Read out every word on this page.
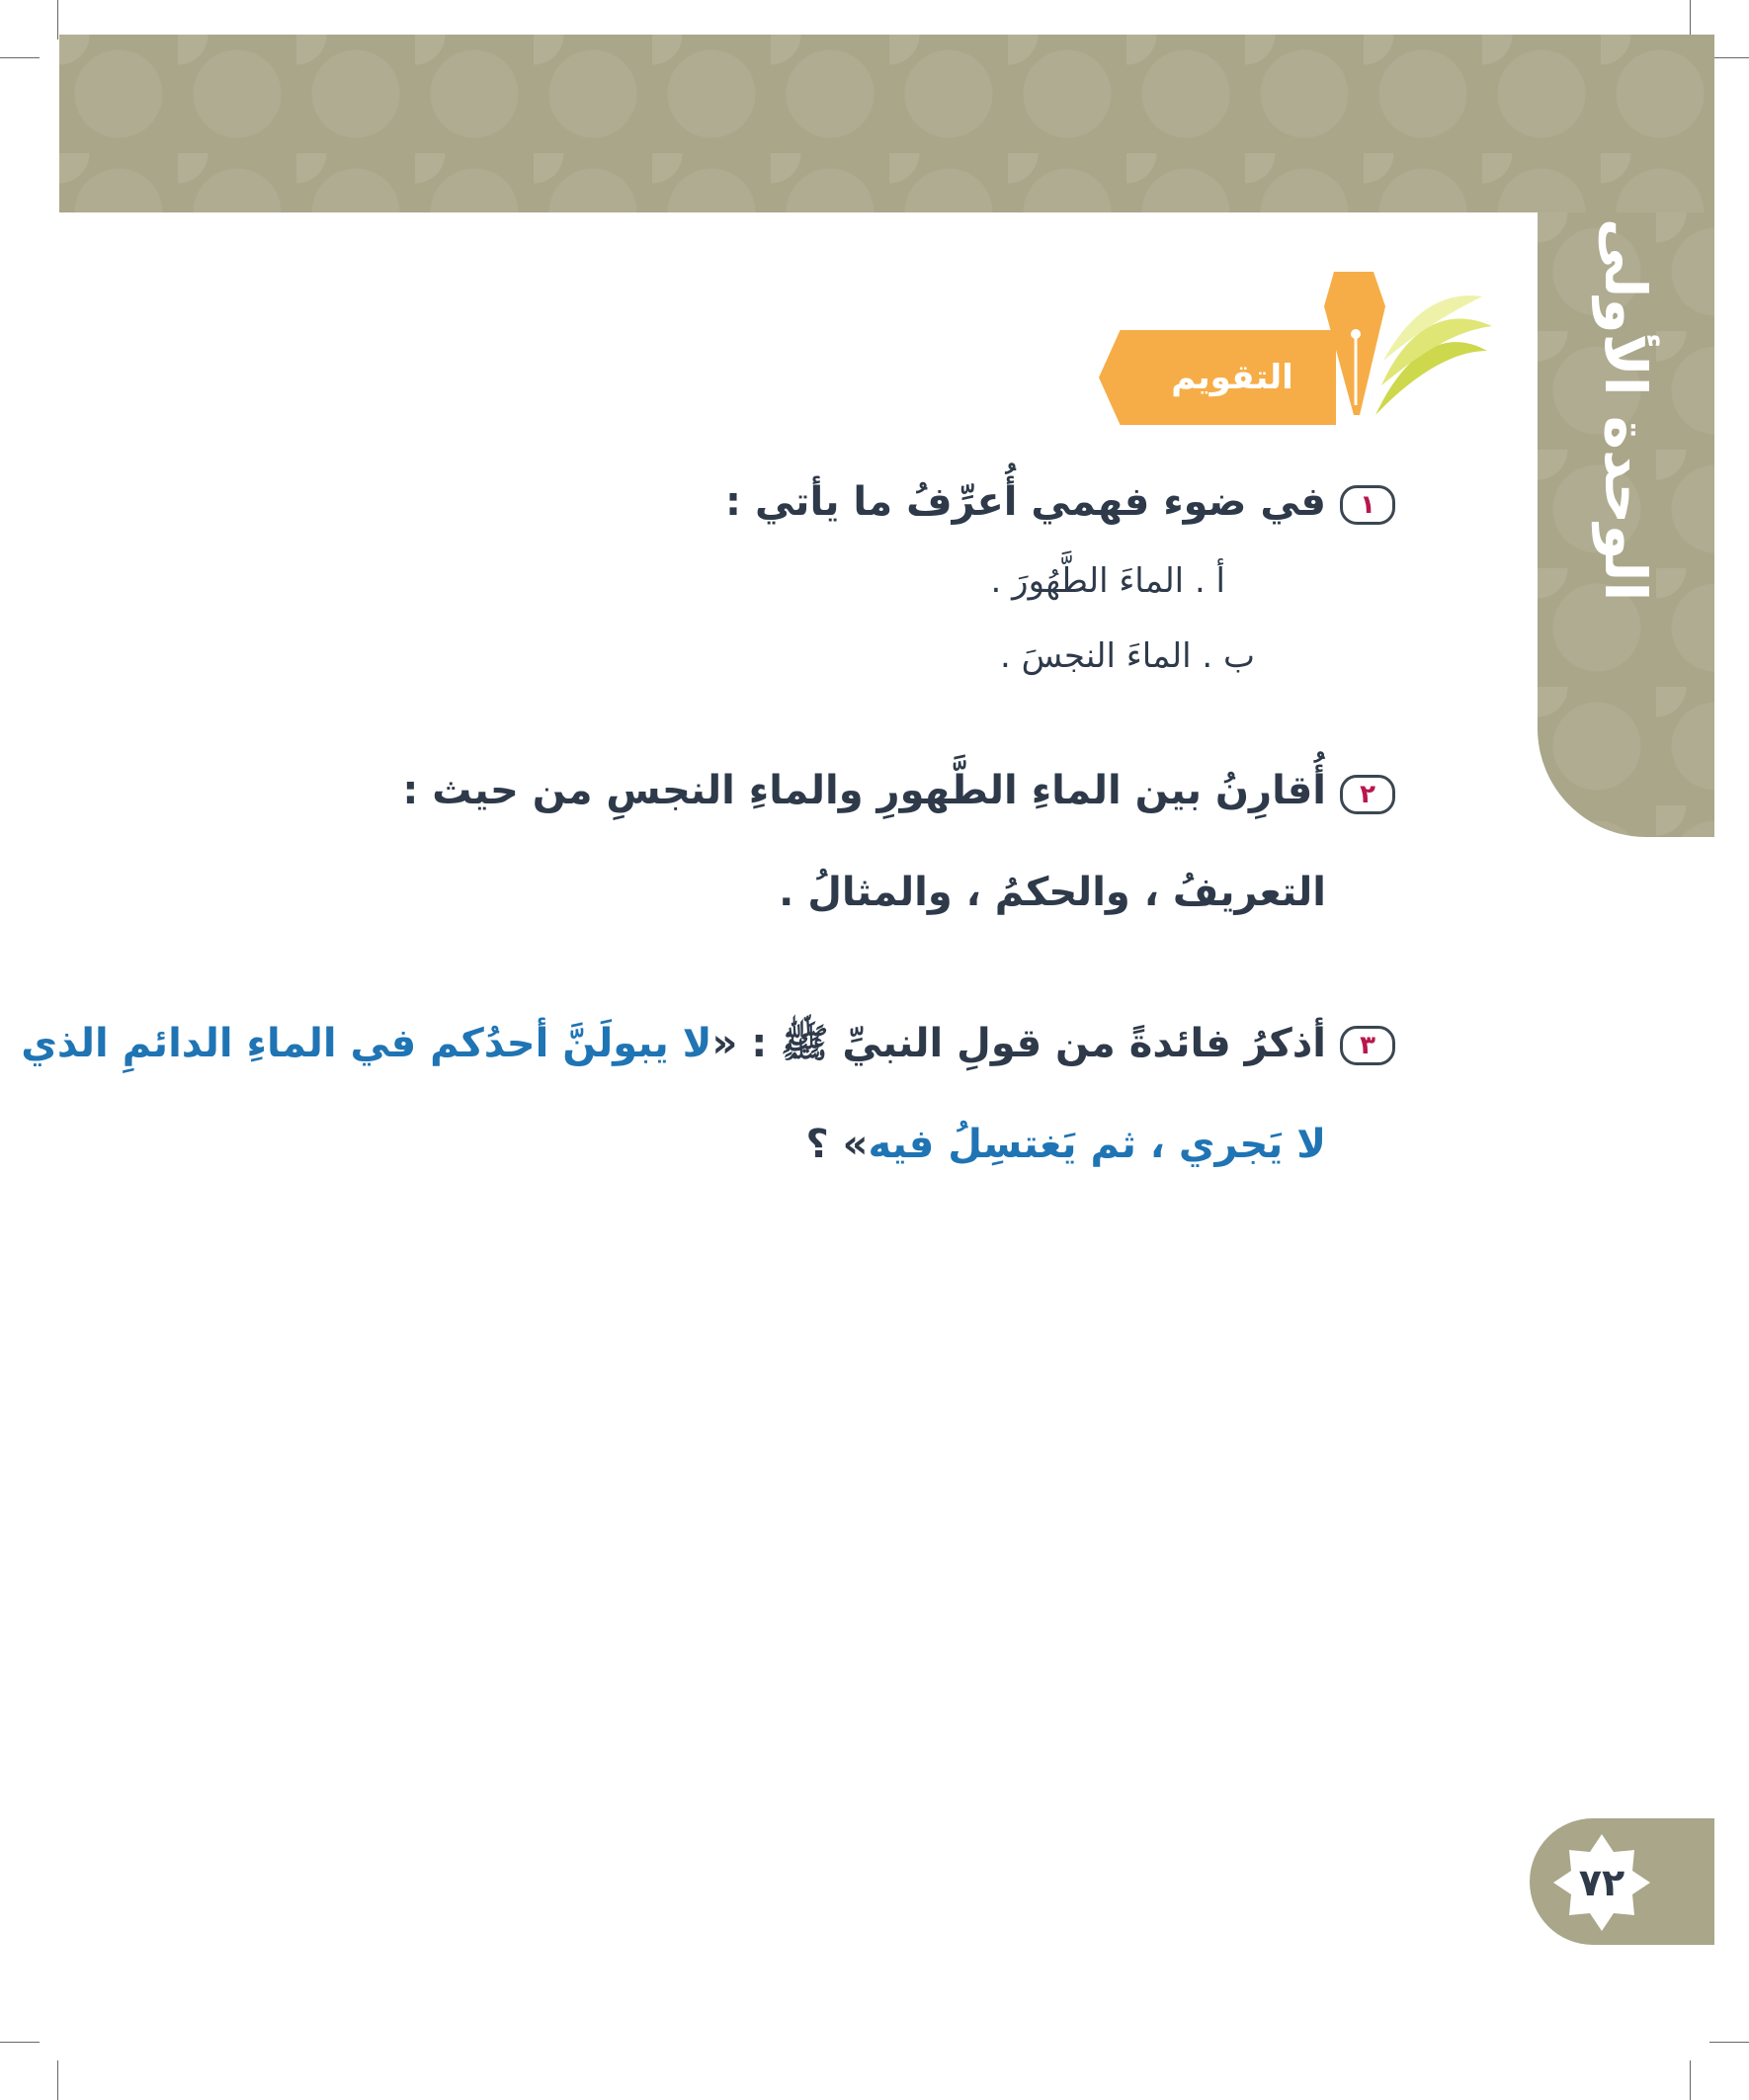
الوحدة الأولى
التقويم
١
في ضوء فهمي أُعرِّفُ ما يأتي :
أ . الماءَ الطَّهُورَ .
ب . الماءَ النجسَ .
٢
أُقارِنُ بين الماءِ الطَّهورِ والماءِ النجسِ من حيث :
التعريفُ ، والحكمُ ، والمثالُ .
٣
أذكرُ فائدةً من قولِ النبيِّ ﷺ : «لا يبولَنَّ أحدُكم في الماءِ الدائمِ الذي
لا يَجري ، ثم يَغتسِلُ فيه» ؟
٧٢
